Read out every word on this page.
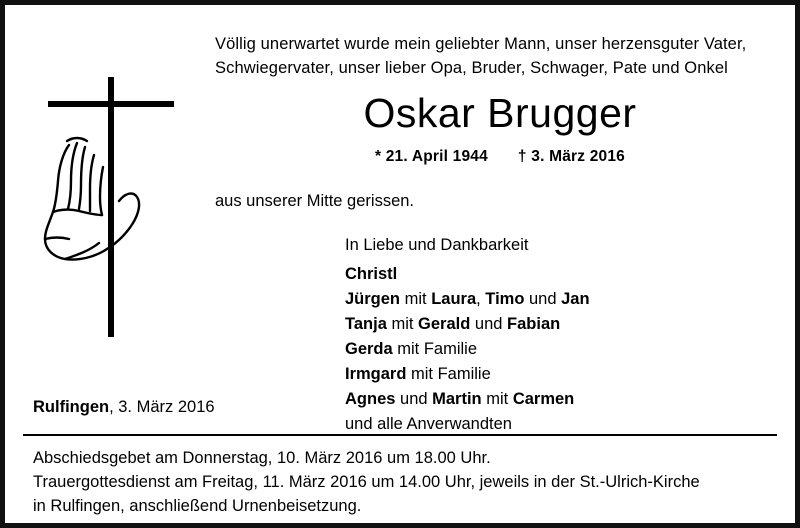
Völlig unerwartet wurde mein geliebter Mann, unser herzensguter Vater, Schwiegervater, unser lieber Opa, Bruder, Schwager, Pate und Onkel
Oskar Brugger
* 21. April 1944 † 3. März 2016
aus unserer Mitte gerissen.
In Liebe und Dankbarkeit
Christl
Jürgen mit Laura, Timo und Jan
Tanja mit Gerald und Fabian
Gerda mit Familie
Irmgard mit Familie
Agnes und Martin mit Carmen
und alle Anverwandten
Rulfingen, 3. März 2016
Abschiedsgebet am Donnerstag, 10. März 2016 um 18.00 Uhr.
Trauergottesdienst am Freitag, 11. März 2016 um 14.00 Uhr, jeweils in der St.-Ulrich-Kirche
in Rulfingen, anschließend Urnenbeisetzung.
